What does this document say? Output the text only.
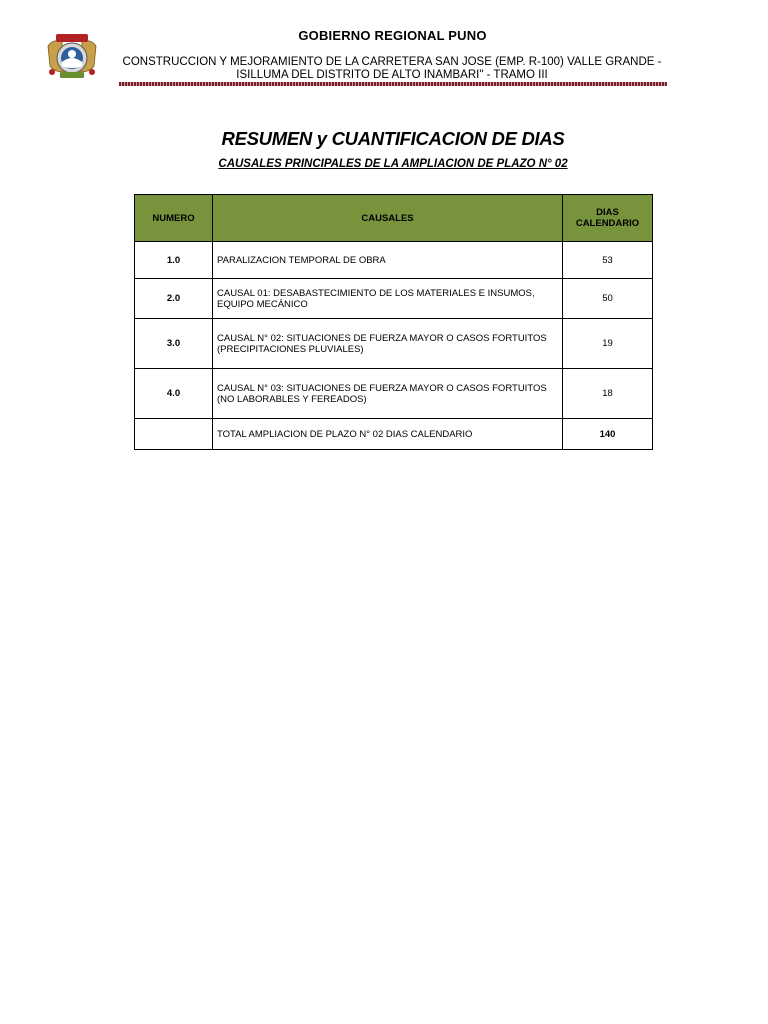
GOBIERNO REGIONAL PUNO
CONSTRUCCION Y MEJORAMIENTO DE LA CARRETERA SAN JOSE (EMP. R-100) VALLE GRANDE -
ISILLUMA DEL DISTRITO DE ALTO INAMBARI" - TRAMO III
RESUMEN y CUANTIFICACION DE DIAS
CAUSALES PRINCIPALES DE LA AMPLIACION DE PLAZO N° 02
NUMERO	CAUSALES	DIAS
CALENDARIO

1.0	PARALIZACION TEMPORAL DE OBRA	53
2.0	CAUSAL 01: DESABASTECIMIENTO DE LOS MATERIALES E INSUMOS, EQUIPO MECÁNICO	50
3.0	CAUSAL N° 02: SITUACIONES DE FUERZA MAYOR O CASOS FORTUITOS (PRECIPITACIONES PLUVIALES)	19
4.0	CAUSAL N° 03: SITUACIONES DE FUERZA MAYOR O CASOS FORTUITOS (NO LABORABLES Y FEREADOS)	18
	TOTAL AMPLIACION DE PLAZO N° 02 DIAS CALENDARIO	140
